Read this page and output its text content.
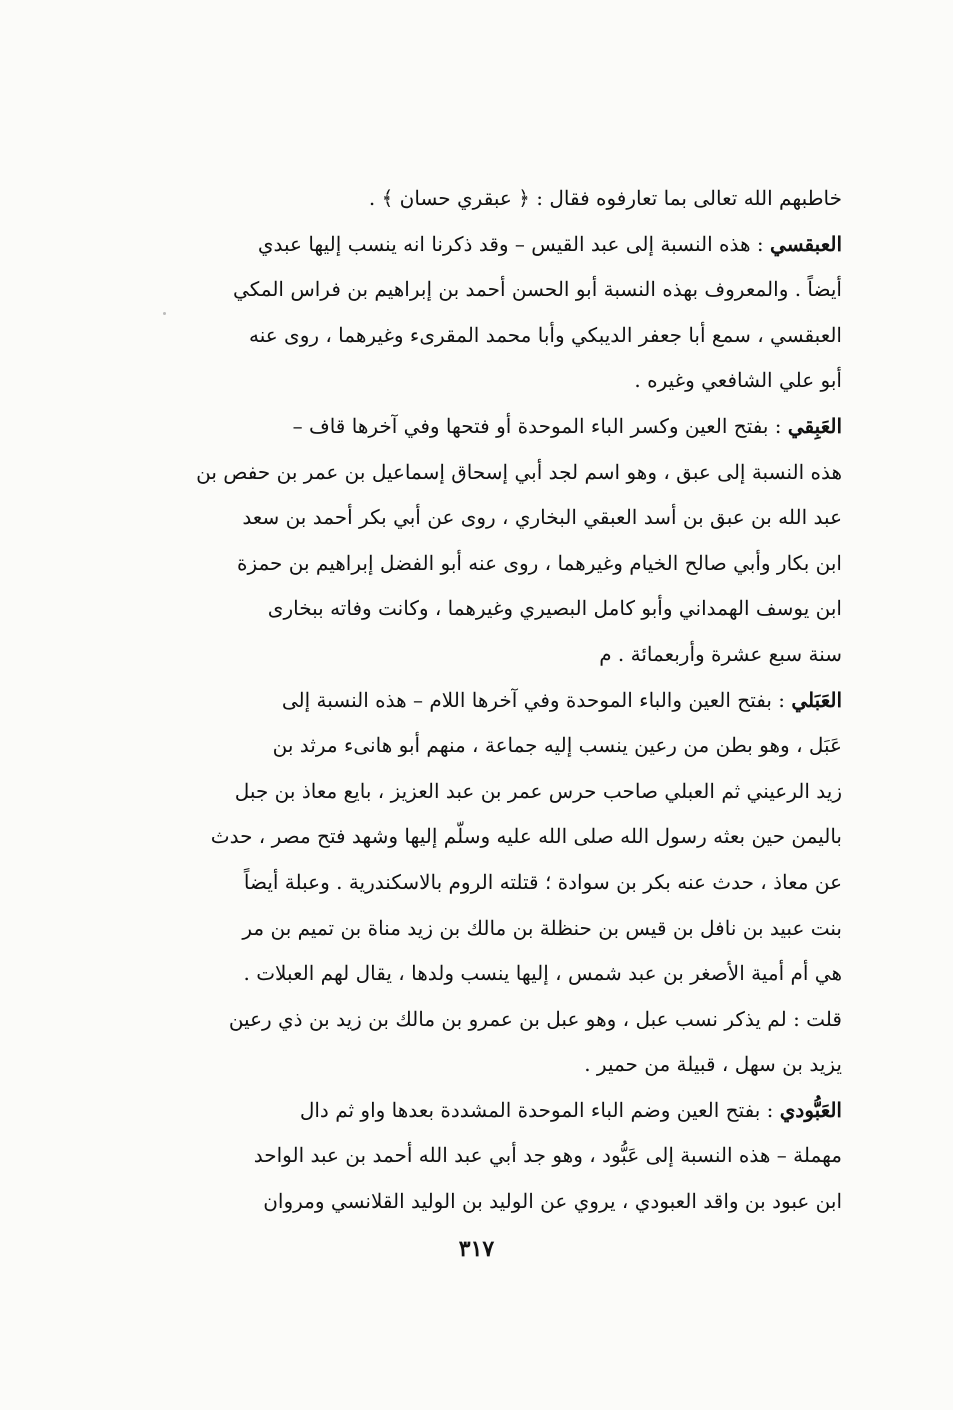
خاطبهم الله تعالى بما تعارفوه فقال : ﴿ عبقري حسان ﴾ .
العبقسي : هذه النسبة إلى عبد القيس – وقد ذكرنا انه ينسب إليها عبدي
أيضاً . والمعروف بهذه النسبة أبو الحسن أحمد بن إبراهيم بن فراس المكي
العبقسي ، سمع أبا جعفر الديبكي وأبا محمد المقرىء وغيرهما ، روى عنه
أبو علي الشافعي وغيره .
العَبِقي : بفتح العين وكسر الباء الموحدة أو فتحها وفي آخرها قاف –
هذه النسبة إلى عبق ، وهو اسم لجد أبي إسحاق إسماعيل بن عمر بن حفص بن
عبد الله بن عبق بن أسد العبقي البخاري ، روى عن أبي بكر أحمد بن سعد
ابن بكار وأبي صالح الخيام وغيرهما ، روى عنه أبو الفضل إبراهيم بن حمزة
ابن يوسف الهمداني وأبو كامل البصيري وغيرهما ، وكانت وفاته ببخارى
سنة سبع عشرة وأربعمائة . م
العَبَلي : بفتح العين والباء الموحدة وفي آخرها اللام – هذه النسبة إلى
عَبَل ، وهو بطن من رعين ينسب إليه جماعة ، منهم أبو هانىء مرثد بن
زيد الرعيني ثم العبلي صاحب حرس عمر بن عبد العزيز ، بايع معاذ بن جبل
باليمن حين بعثه رسول الله صلى الله عليه وسلّم إليها وشهد فتح مصر ، حدث
عن معاذ ، حدث عنه بكر بن سوادة ؛ قتلته الروم بالاسكندرية . وعبلة أيضاً
بنت عبيد بن نافل بن قيس بن حنظلة بن مالك بن زيد مناة بن تميم بن مر
هي أم أمية الأصغر بن عبد شمس ، إليها ينسب ولدها ، يقال لهم العبلات .
قلت : لم يذكر نسب عبل ، وهو عبل بن عمرو بن مالك بن زيد بن ذي رعين
يزيد بن سهل ، قبيلة من حمير .
العَبُّودي : بفتح العين وضم الباء الموحدة المشددة بعدها واو ثم دال
مهملة – هذه النسبة إلى عَبُّود ، وهو جد أبي عبد الله أحمد بن عبد الواحد
ابن عبود بن واقد العبودي ، يروي عن الوليد بن الوليد القلانسي ومروان
٣١٧
